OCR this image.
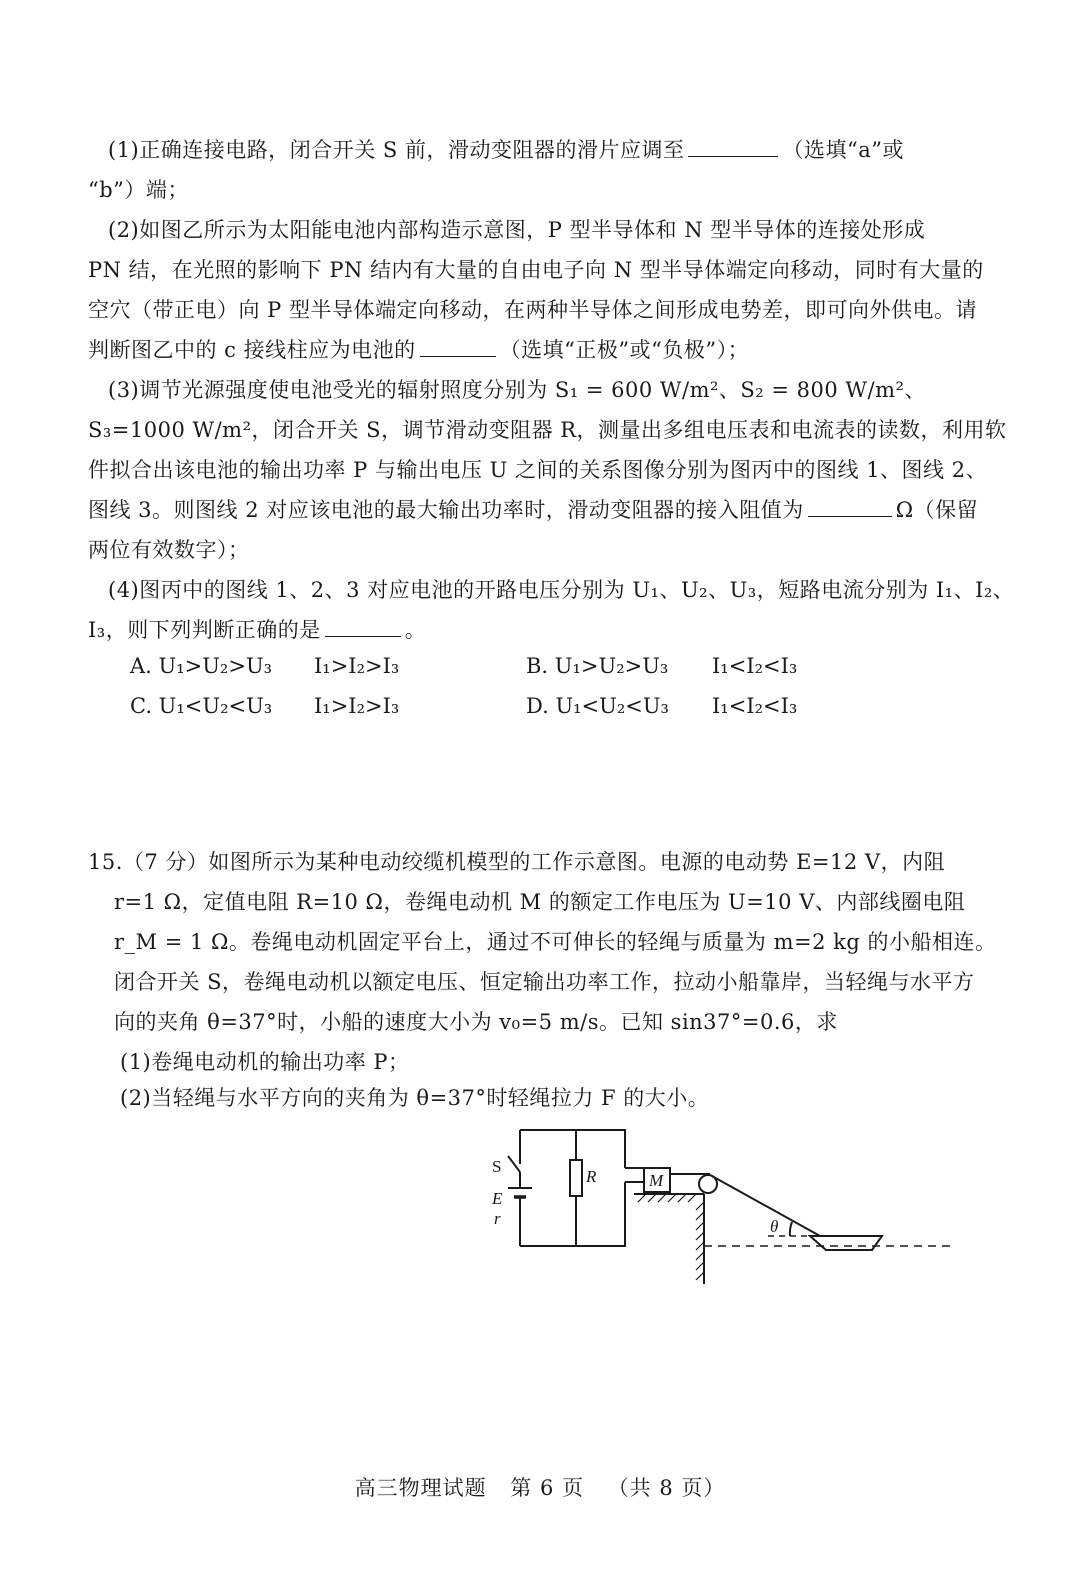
(1)正确连接电路，闭合开关 S 前，滑动变阻器的滑片应调至	（选填“a”或
“b”）端；
(2)如图乙所示为太阳能电池内部构造示意图，P 型半导体和 N 型半导体的连接处形成
PN 结，在光照的影响下 PN 结内有大量的自由电子向 N 型半导体端定向移动，同时有大量的
空穴（带正电）向 P 型半导体端定向移动，在两种半导体之间形成电势差，即可向外供电。请
判断图乙中的 c 接线柱应为电池的	（选填“正极”或“负极”）；
(3)调节光源强度使电池受光的辐射照度分别为 S₁ = 600 W/m²、S₂ = 800 W/m²、
S₃=1000 W/m²，闭合开关 S，调节滑动变阻器 R，测量出多组电压表和电流表的读数，利用软
件拟合出该电池的输出功率 P 与输出电压 U 之间的关系图像分别为图丙中的图线 1、图线 2、
图线 3。则图线 2 对应该电池的最大输出功率时，滑动变阻器的接入阻值为	Ω（保留
两位有效数字）；
(4)图丙中的图线 1、2、3 对应电池的开路电压分别为 U₁、U₂、U₃，短路电流分别为 I₁、I₂、
I₃，则下列判断正确的是	。
A. U₁>U₂>U₃ I₁>I₂>I₃	B. U₁>U₂>U₃ I₁<I₂<I₃
C. U₁<U₂<U₃ I₁>I₂>I₃	D. U₁<U₂<U₃ I₁<I₂<I₃
15.（7 分）如图所示为某种电动绞缆机模型的工作示意图。电源的电动势 E=12 V，内阻
r=1 Ω，定值电阻 R=10 Ω，卷绳电动机 M 的额定工作电压为 U=10 V、内部线圈电阻
r_M = 1 Ω。卷绳电动机固定平台上，通过不可伸长的轻绳与质量为 m=2 kg 的小船相连。
闭合开关 S，卷绳电动机以额定电压、恒定输出功率工作，拉动小船靠岸，当轻绳与水平方
向的夹角 θ=37°时，小船的速度大小为 v₀=5 m/s。已知 sin37°=0.6，求
(1)卷绳电动机的输出功率 P；
(2)当轻绳与水平方向的夹角为 θ=37°时轻绳拉力 F 的大小。
S
E
r
R	M
θ
高三物理试题 第 6 页 （共 8 页）
